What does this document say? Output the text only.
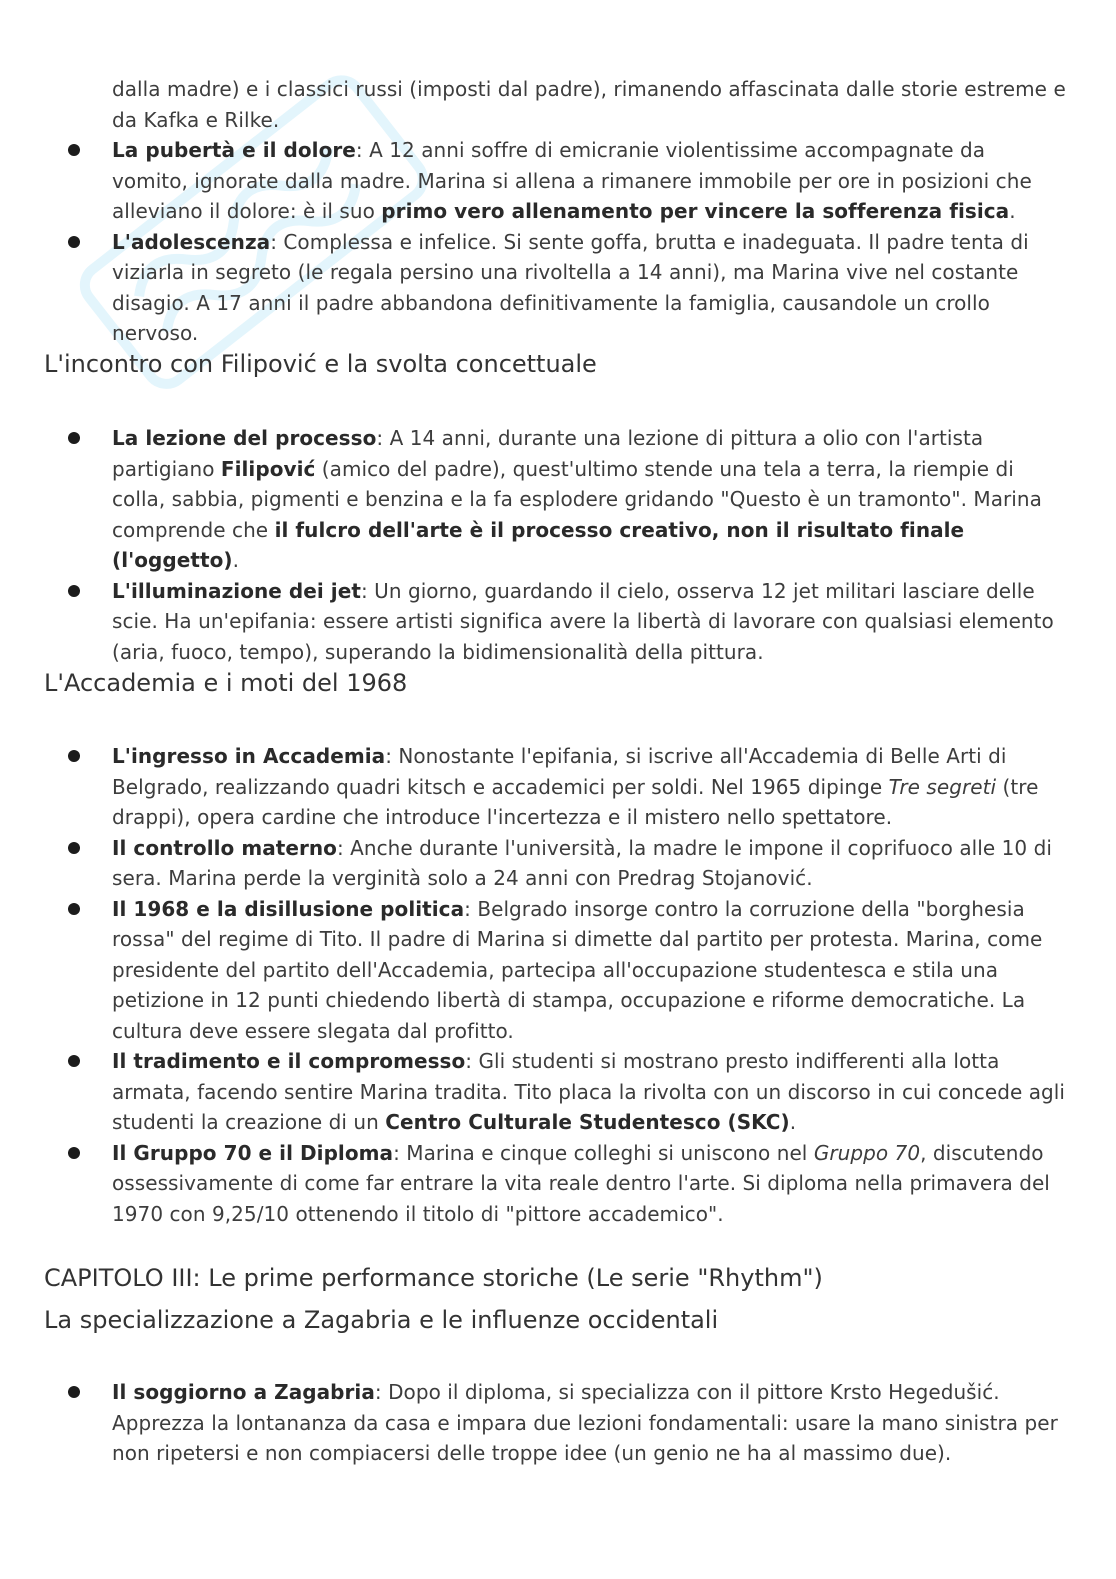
dalla madre) e i classici russi (imposti dal padre), rimanendo affascinata dalle storie estreme e da Kafka e Rilke.
La pubertà e il dolore: A 12 anni soffre di emicranie violentissime accompagnate da vomito, ignorate dalla madre. Marina si allena a rimanere immobile per ore in posizioni che alleviano il dolore: è il suo primo vero allenamento per vincere la sofferenza fisica.
L'adolescenza: Complessa e infelice. Si sente goffa, brutta e inadeguata. Il padre tenta di viziarla in segreto (le regala persino una rivoltella a 14 anni), ma Marina vive nel costante disagio. A 17 anni il padre abbandona definitivamente la famiglia, causandole un crollo nervoso.
L'incontro con Filipović e la svolta concettuale
La lezione del processo: A 14 anni, durante una lezione di pittura a olio con l'artista partigiano Filipović (amico del padre), quest'ultimo stende una tela a terra, la riempie di colla, sabbia, pigmenti e benzina e la fa esplodere gridando "Questo è un tramonto". Marina comprende che il fulcro dell'arte è il processo creativo, non il risultato finale (l'oggetto).
L'illuminazione dei jet: Un giorno, guardando il cielo, osserva 12 jet militari lasciare delle scie. Ha un'epifania: essere artisti significa avere la libertà di lavorare con qualsiasi elemento (aria, fuoco, tempo), superando la bidimensionalità della pittura.
L'Accademia e i moti del 1968
L'ingresso in Accademia: Nonostante l'epifania, si iscrive all'Accademia di Belle Arti di Belgrado, realizzando quadri kitsch e accademici per soldi. Nel 1965 dipinge Tre segreti (tre drappi), opera cardine che introduce l'incertezza e il mistero nello spettatore.
Il controllo materno: Anche durante l'università, la madre le impone il coprifuoco alle 10 di sera. Marina perde la verginità solo a 24 anni con Predrag Stojanović.
Il 1968 e la disillusione politica: Belgrado insorge contro la corruzione della "borghesia rossa" del regime di Tito. Il padre di Marina si dimette dal partito per protesta. Marina, come presidente del partito dell'Accademia, partecipa all'occupazione studentesca e stila una petizione in 12 punti chiedendo libertà di stampa, occupazione e riforme democratiche. La cultura deve essere slegata dal profitto.
Il tradimento e il compromesso: Gli studenti si mostrano presto indifferenti alla lotta armata, facendo sentire Marina tradita. Tito placa la rivolta con un discorso in cui concede agli studenti la creazione di un Centro Culturale Studentesco (SKC).
Il Gruppo 70 e il Diploma: Marina e cinque colleghi si uniscono nel Gruppo 70, discutendo ossessivamente di come far entrare la vita reale dentro l'arte. Si diploma nella primavera del 1970 con 9,25/10 ottenendo il titolo di "pittore accademico".
CAPITOLO III: Le prime performance storiche (Le serie "Rhythm")
La specializzazione a Zagabria e le influenze occidentali
Il soggiorno a Zagabria: Dopo il diploma, si specializza con il pittore Krsto Hegedušić. Apprezza la lontananza da casa e impara due lezioni fondamentali: usare la mano sinistra per non ripetersi e non compiacersi delle troppe idee (un genio ne ha al massimo due).
